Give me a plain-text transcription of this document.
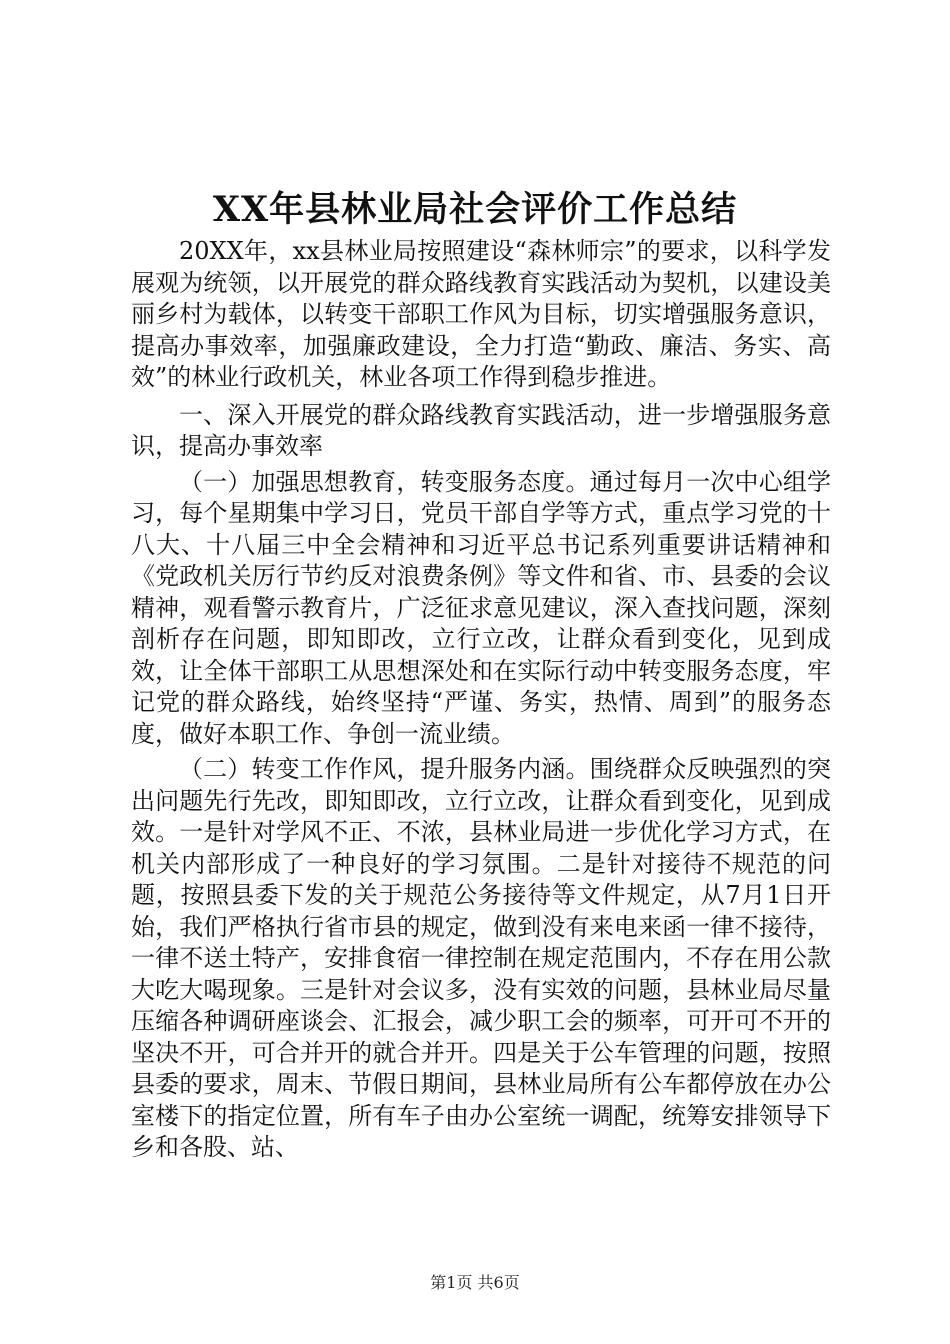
XX年县林业局社会评价工作总结

20XX年，xx县林业局按照建设“森林师宗”的要求，以科学发展观为统领，以开展党的群众路线教育实践活动为契机，以建设美丽乡村为载体，以转变干部职工作风为目标，切实增强服务意识，提高办事效率，加强廉政建设，全力打造“勤政、廉洁、务实、高效”的林业行政机关，林业各项工作得到稳步推进。

一、深入开展党的群众路线教育实践活动，进一步增强服务意识，提高办事效率

（一）加强思想教育，转变服务态度。通过每月一次中心组学习，每个星期集中学习日，党员干部自学等方式，重点学习党的十八大、十八届三中全会精神和习近平总书记系列重要讲话精神和《党政机关厉行节约反对浪费条例》等文件和省、市、县委的会议精神，观看警示教育片，广泛征求意见建议，深入查找问题，深刻剖析存在问题，即知即改，立行立改，让群众看到变化，见到成效，让全体干部职工从思想深处和在实际行动中转变服务态度，牢记党的群众路线，始终坚持“严谨、务实，热情、周到”的服务态度，做好本职工作、争创一流业绩。

（二）转变工作作风，提升服务内涵。围绕群众反映强烈的突出问题先行先改，即知即改，立行立改，让群众看到变化，见到成效。一是针对学风不正、不浓，县林业局进一步优化学习方式，在机关内部形成了一种良好的学习氛围。二是针对接待不规范的问题，按照县委下发的关于规范公务接待等文件规定，从7月1日开始，我们严格执行省市县的规定，做到没有来电来函一律不接待，一律不送土特产，安排食宿一律控制在规定范围内，不存在用公款大吃大喝现象。三是针对会议多，没有实效的问题，县林业局尽量压缩各种调研座谈会、汇报会，减少职工会的频率，可开可不开的坚决不开，可合并开的就合并开。四是关于公车管理的问题，按照县委的要求，周末、节假日期间，县林业局所有公车都停放在办公室楼下的指定位置，所有车子由办公室统一调配，统筹安排领导下乡和各股、站、

第1页 共6页
